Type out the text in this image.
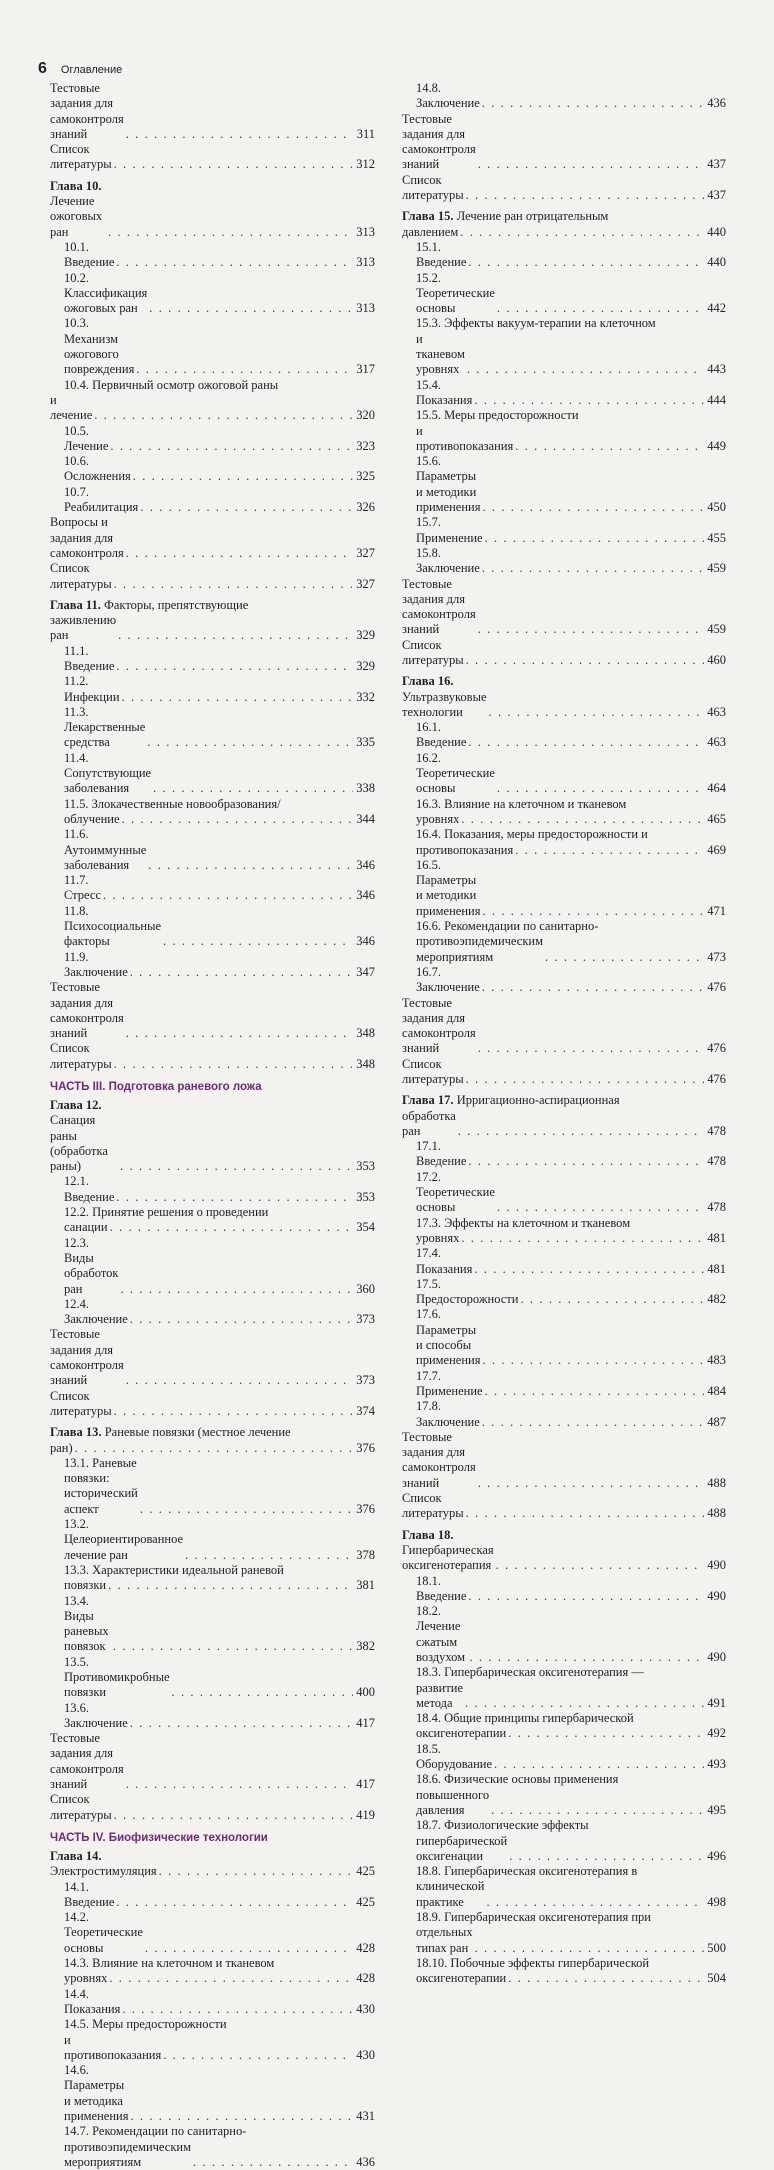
6 Оглавление
Тестовые задания для самоконтроля знаний . . .	311
Список литературы . . .	312
Глава 10. Лечение ожоговых ран . . .	313
10.1. Введение . . .	313
10.2. Классификация ожоговых ран . . .	313
10.3. Механизм ожогового повреждения . . .	317
10.4. Первичный осмотр ожоговой раны
и лечение . . .	320
10.5. Лечение . . .	323
10.6. Осложнения . . .	325
10.7. Реабилитация . . .	326
Вопросы и задания для самоконтроля . . .	327
Список литературы . . .	327
Глава 11. Факторы, препятствующие
заживлению ран . . .	329
11.1. Введение . . .	329
11.2. Инфекции . . .	332
11.3. Лекарственные средства . . .	335
11.4. Сопутствующие заболевания . . .	338
11.5. Злокачественные новообразования/
облучение . . .	344
11.6. Аутоиммунные заболевания . . .	346
11.7. Стресс . . .	346
11.8. Психосоциальные факторы . . .	346
11.9. Заключение . . .	347
Тестовые задания для самоконтроля знаний . . .	348
Список литературы . . .	348
ЧАСТЬ III. Подготовка раневого ложа
Глава 12. Санация раны (обработка раны) . . .	353
12.1. Введение . . .	353
12.2. Принятие решения о проведении
санации . . .	354
12.3. Виды обработок ран . . .	360
12.4. Заключение . . .	373
Тестовые задания для самоконтроля знаний . . .	373
Список литературы . . .	374
Глава 13. Раневые повязки (местное лечение
ран) . . .	376
13.1. Раневые повязки: исторический аспект . . .	376
13.2. Целеориентированное лечение ран . . .	378
13.3. Характеристики идеальной раневой
повязки . . .	381
13.4. Виды раневых повязок . . .	382
13.5. Противомикробные повязки . . .	400
13.6. Заключение . . .	417
Тестовые задания для самоконтроля знаний . . .	417
Список литературы . . .	419
ЧАСТЬ IV. Биофизические технологии
Глава 14. Электростимуляция . . .	425
14.1. Введение . . .	425
14.2. Теоретические основы . . .	428
14.3. Влияние на клеточном и тканевом
уровнях . . .	428
14.4. Показания . . .	430
14.5. Меры предосторожности
и противопоказания . . .	430
14.6. Параметры и методика применения . . .	431
14.7. Рекомендации по санитарно-
противоэпидемическим мероприятиям . . .	436
14.8. Заключение . . .	436
Тестовые задания для самоконтроля знаний . . .	437
Список литературы . . .	437
Глава 15. Лечение ран отрицательным
давлением . . .	440
15.1. Введение . . .	440
15.2. Теоретические основы . . .	442
15.3. Эффекты вакуум-терапии на клеточном
и тканевом уровнях . . .	443
15.4. Показания . . .	444
15.5. Меры предосторожности
и противопоказания . . .	449
15.6. Параметры и методики применения . . .	450
15.7. Применение . . .	455
15.8. Заключение . . .	459
Тестовые задания для самоконтроля знаний . . .	459
Список литературы . . .	460
Глава 16. Ультразвуковые технологии . . .	463
16.1. Введение . . .	463
16.2. Теоретические основы . . .	464
16.3. Влияние на клеточном и тканевом
уровнях . . .	465
16.4. Показания, меры предосторожности и
противопоказания . . .	469
16.5. Параметры и методики применения . . .	471
16.6. Рекомендации по санитарно-
противоэпидемическим мероприятиям . . .	473
16.7. Заключение . . .	476
Тестовые задания для самоконтроля знаний . . .	476
Список литературы . . .	476
Глава 17. Ирригационно-аспирационная
обработка ран . . .	478
17.1. Введение . . .	478
17.2. Теоретические основы . . .	478
17.3. Эффекты на клеточном и тканевом
уровнях . . .	481
17.4. Показания . . .	481
17.5. Предосторожности . . .	482
17.6. Параметры и способы применения . . .	483
17.7. Применение . . .	484
17.8. Заключение . . .	487
Тестовые задания для самоконтроля знаний . . .	488
Список литературы . . .	488
Глава 18. Гипербарическая оксигенотерапия . . .	490
18.1. Введение . . .	490
18.2. Лечение сжатым воздухом . . .	490
18.3. Гипербарическая оксигенотерапия —
развитие метода . . .	491
18.4. Общие принципы гипербарической
оксигенотерапии . . .	492
18.5. Оборудование . . .	493
18.6. Физические основы применения
повышенного давления . . .	495
18.7. Физиологические эффекты
гипербарической оксигенации . . .	496
18.8. Гипербарическая оксигенотерапия в
клинической практике . . .	498
18.9. Гипербарическая оксигенотерапия при
отдельных типах ран . . .	500
18.10. Побочные эффекты гипербарической
оксигенотерапии . . .	504
